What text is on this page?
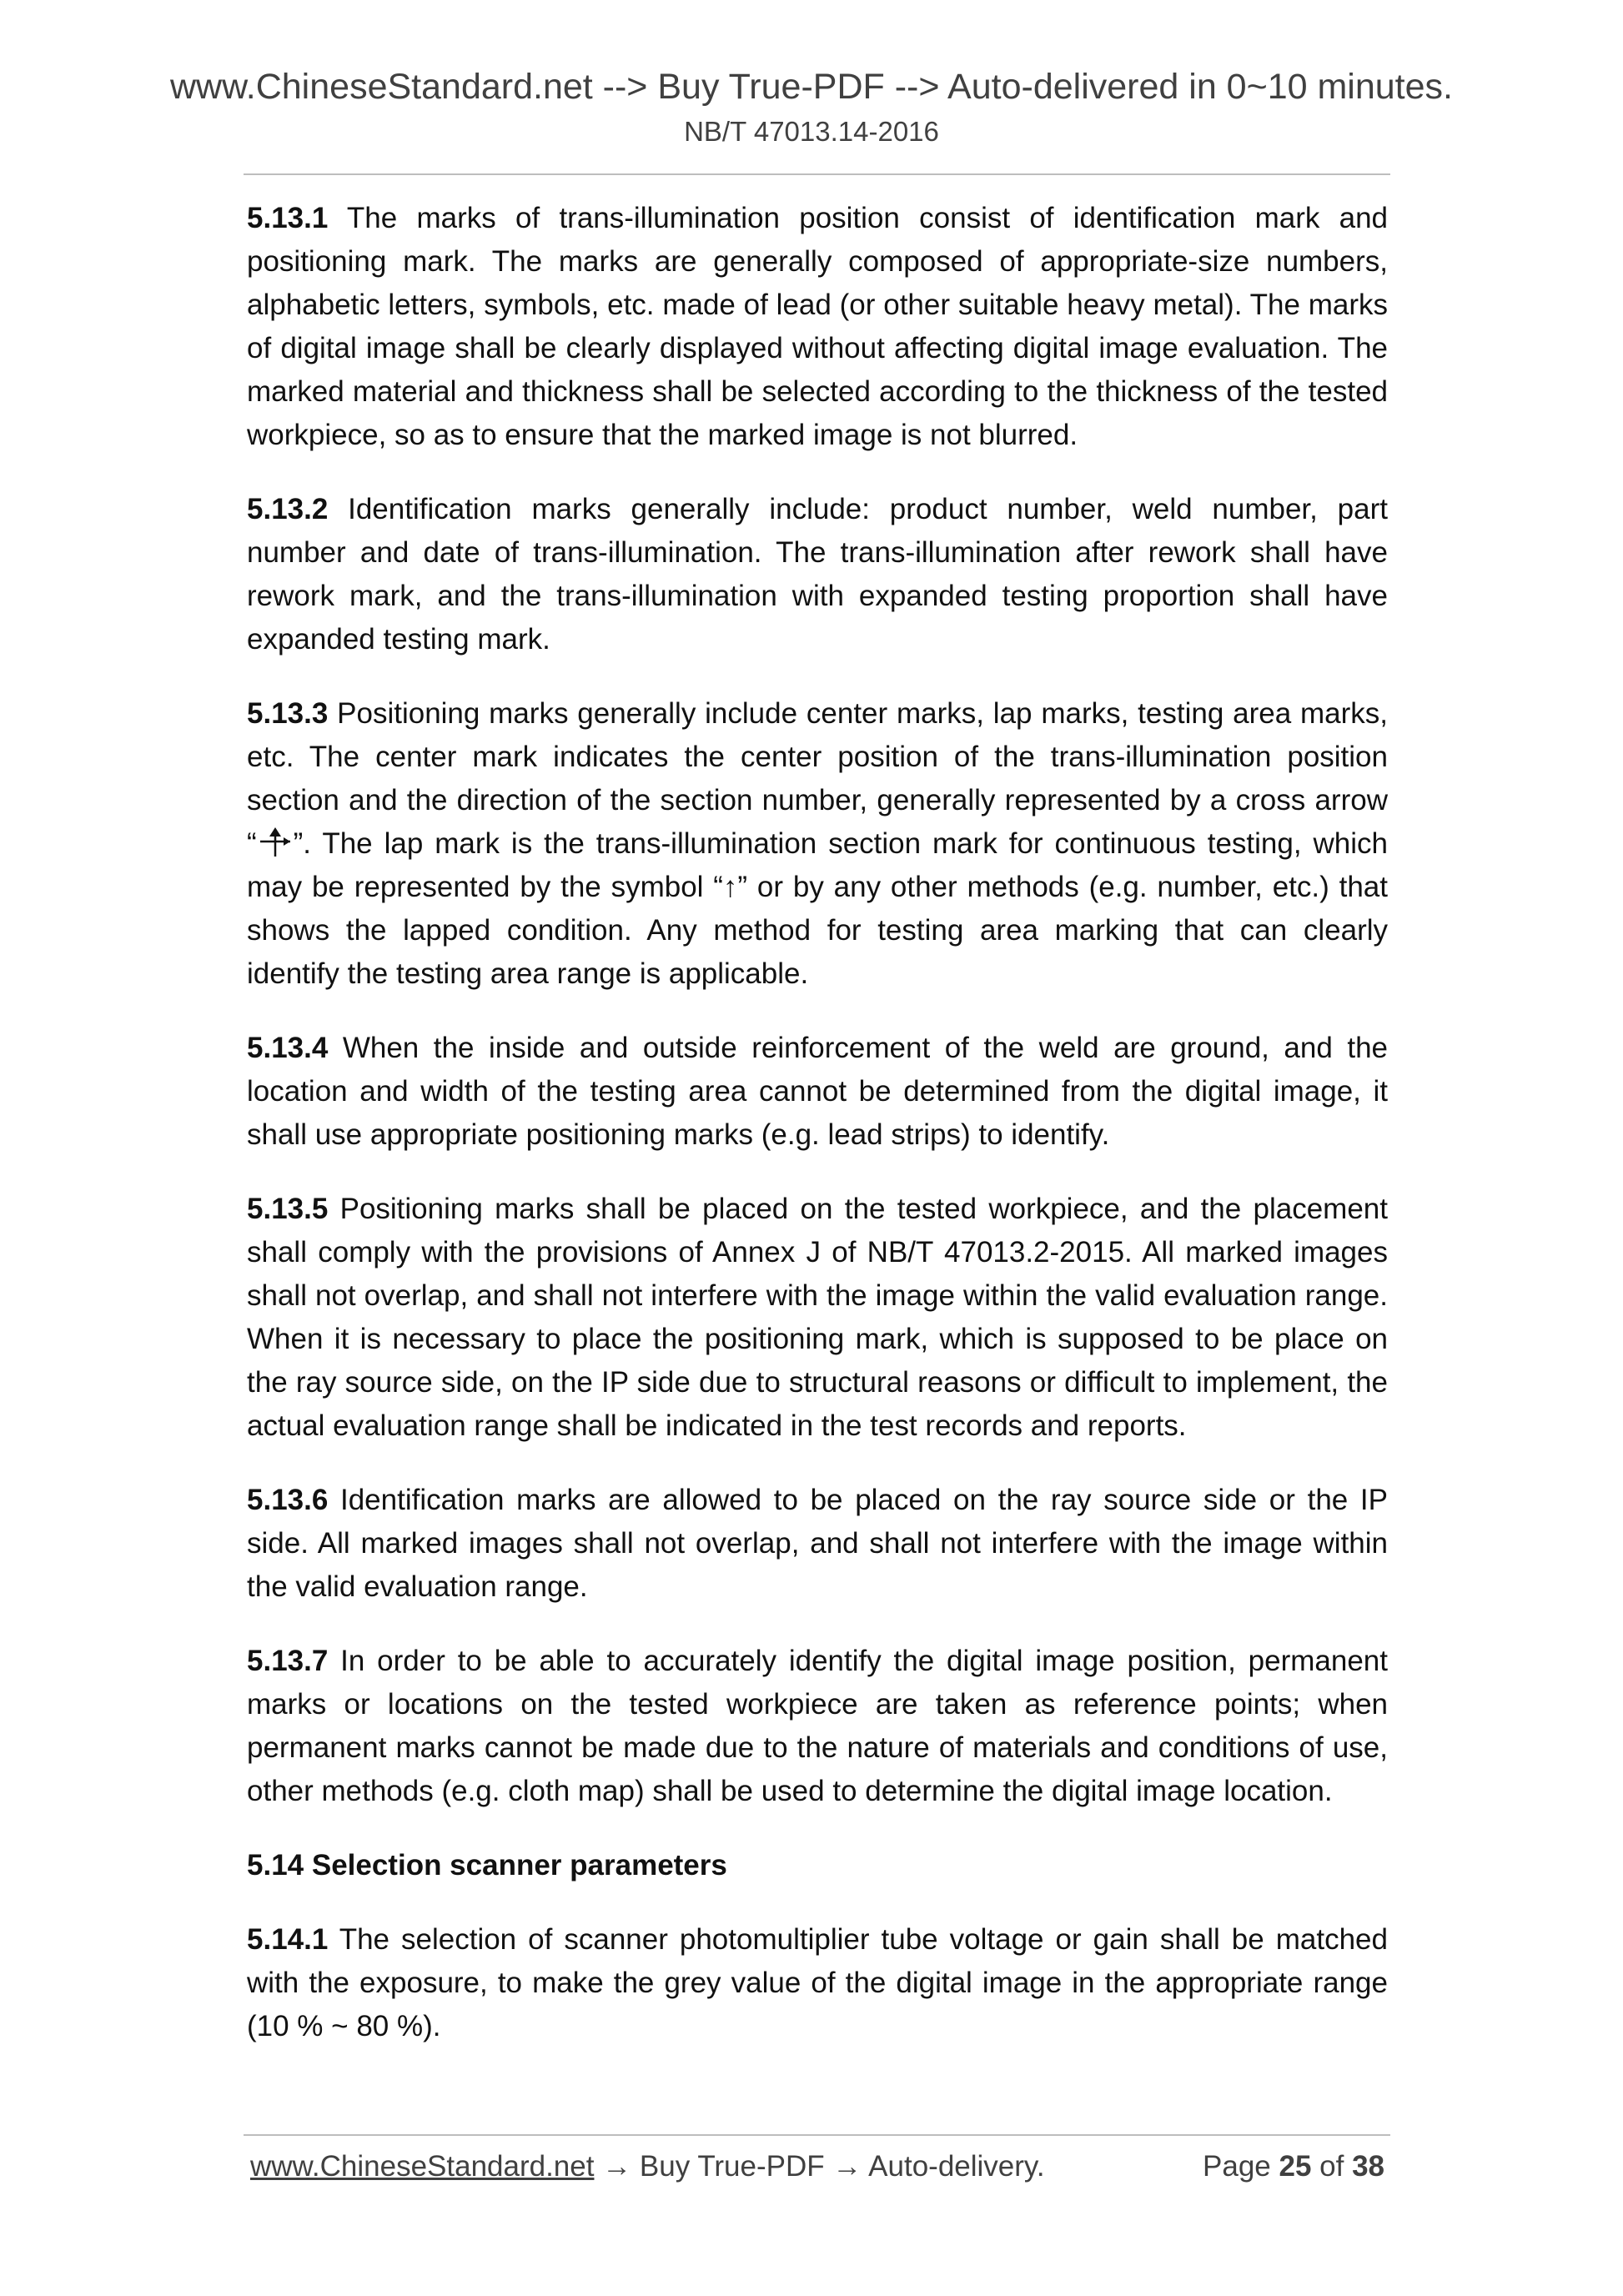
www.ChineseStandard.net --> Buy True-PDF --> Auto-delivered in 0~10 minutes.
NB/T 47013.14-2016

5.13.1 The marks of trans-illumination position consist of identification mark and positioning mark. The marks are generally composed of appropriate-size numbers, alphabetic letters, symbols, etc. made of lead (or other suitable heavy metal). The marks of digital image shall be clearly displayed without affecting digital image evaluation. The marked material and thickness shall be selected according to the thickness of the tested workpiece, so as to ensure that the marked image is not blurred.

5.13.2 Identification marks generally include: product number, weld number, part number and date of trans-illumination. The trans-illumination after rework shall have rework mark, and the trans-illumination with expanded testing proportion shall have expanded testing mark.

5.13.3 Positioning marks generally include center marks, lap marks, testing area marks, etc. The center mark indicates the center position of the trans-illumination position section and the direction of the section number, generally represented by a cross arrow “ ”. The lap mark is the trans-illumination section mark for continuous testing, which may be represented by the symbol “↑” or by any other methods (e.g. number, etc.) that shows the lapped condition. Any method for testing area marking that can clearly identify the testing area range is applicable.

5.13.4 When the inside and outside reinforcement of the weld are ground, and the location and width of the testing area cannot be determined from the digital image, it shall use appropriate positioning marks (e.g. lead strips) to identify.

5.13.5 Positioning marks shall be placed on the tested workpiece, and the placement shall comply with the provisions of Annex J of NB/T 47013.2-2015. All marked images shall not overlap, and shall not interfere with the image within the valid evaluation range. When it is necessary to place the positioning mark, which is supposed to be place on the ray source side, on the IP side due to structural reasons or difficult to implement, the actual evaluation range shall be indicated in the test records and reports.

5.13.6 Identification marks are allowed to be placed on the ray source side or the IP side. All marked images shall not overlap, and shall not interfere with the image within the valid evaluation range.

5.13.7 In order to be able to accurately identify the digital image position, permanent marks or locations on the tested workpiece are taken as reference points; when permanent marks cannot be made due to the nature of materials and conditions of use, other methods (e.g. cloth map) shall be used to determine the digital image location.

5.14 Selection scanner parameters

5.14.1 The selection of scanner photomultiplier tube voltage or gain shall be matched with the exposure, to make the grey value of the digital image in the appropriate range (10 % ~ 80 %).

www.ChineseStandard.net → Buy True-PDF → Auto-delivery.	Page 25 of 38
